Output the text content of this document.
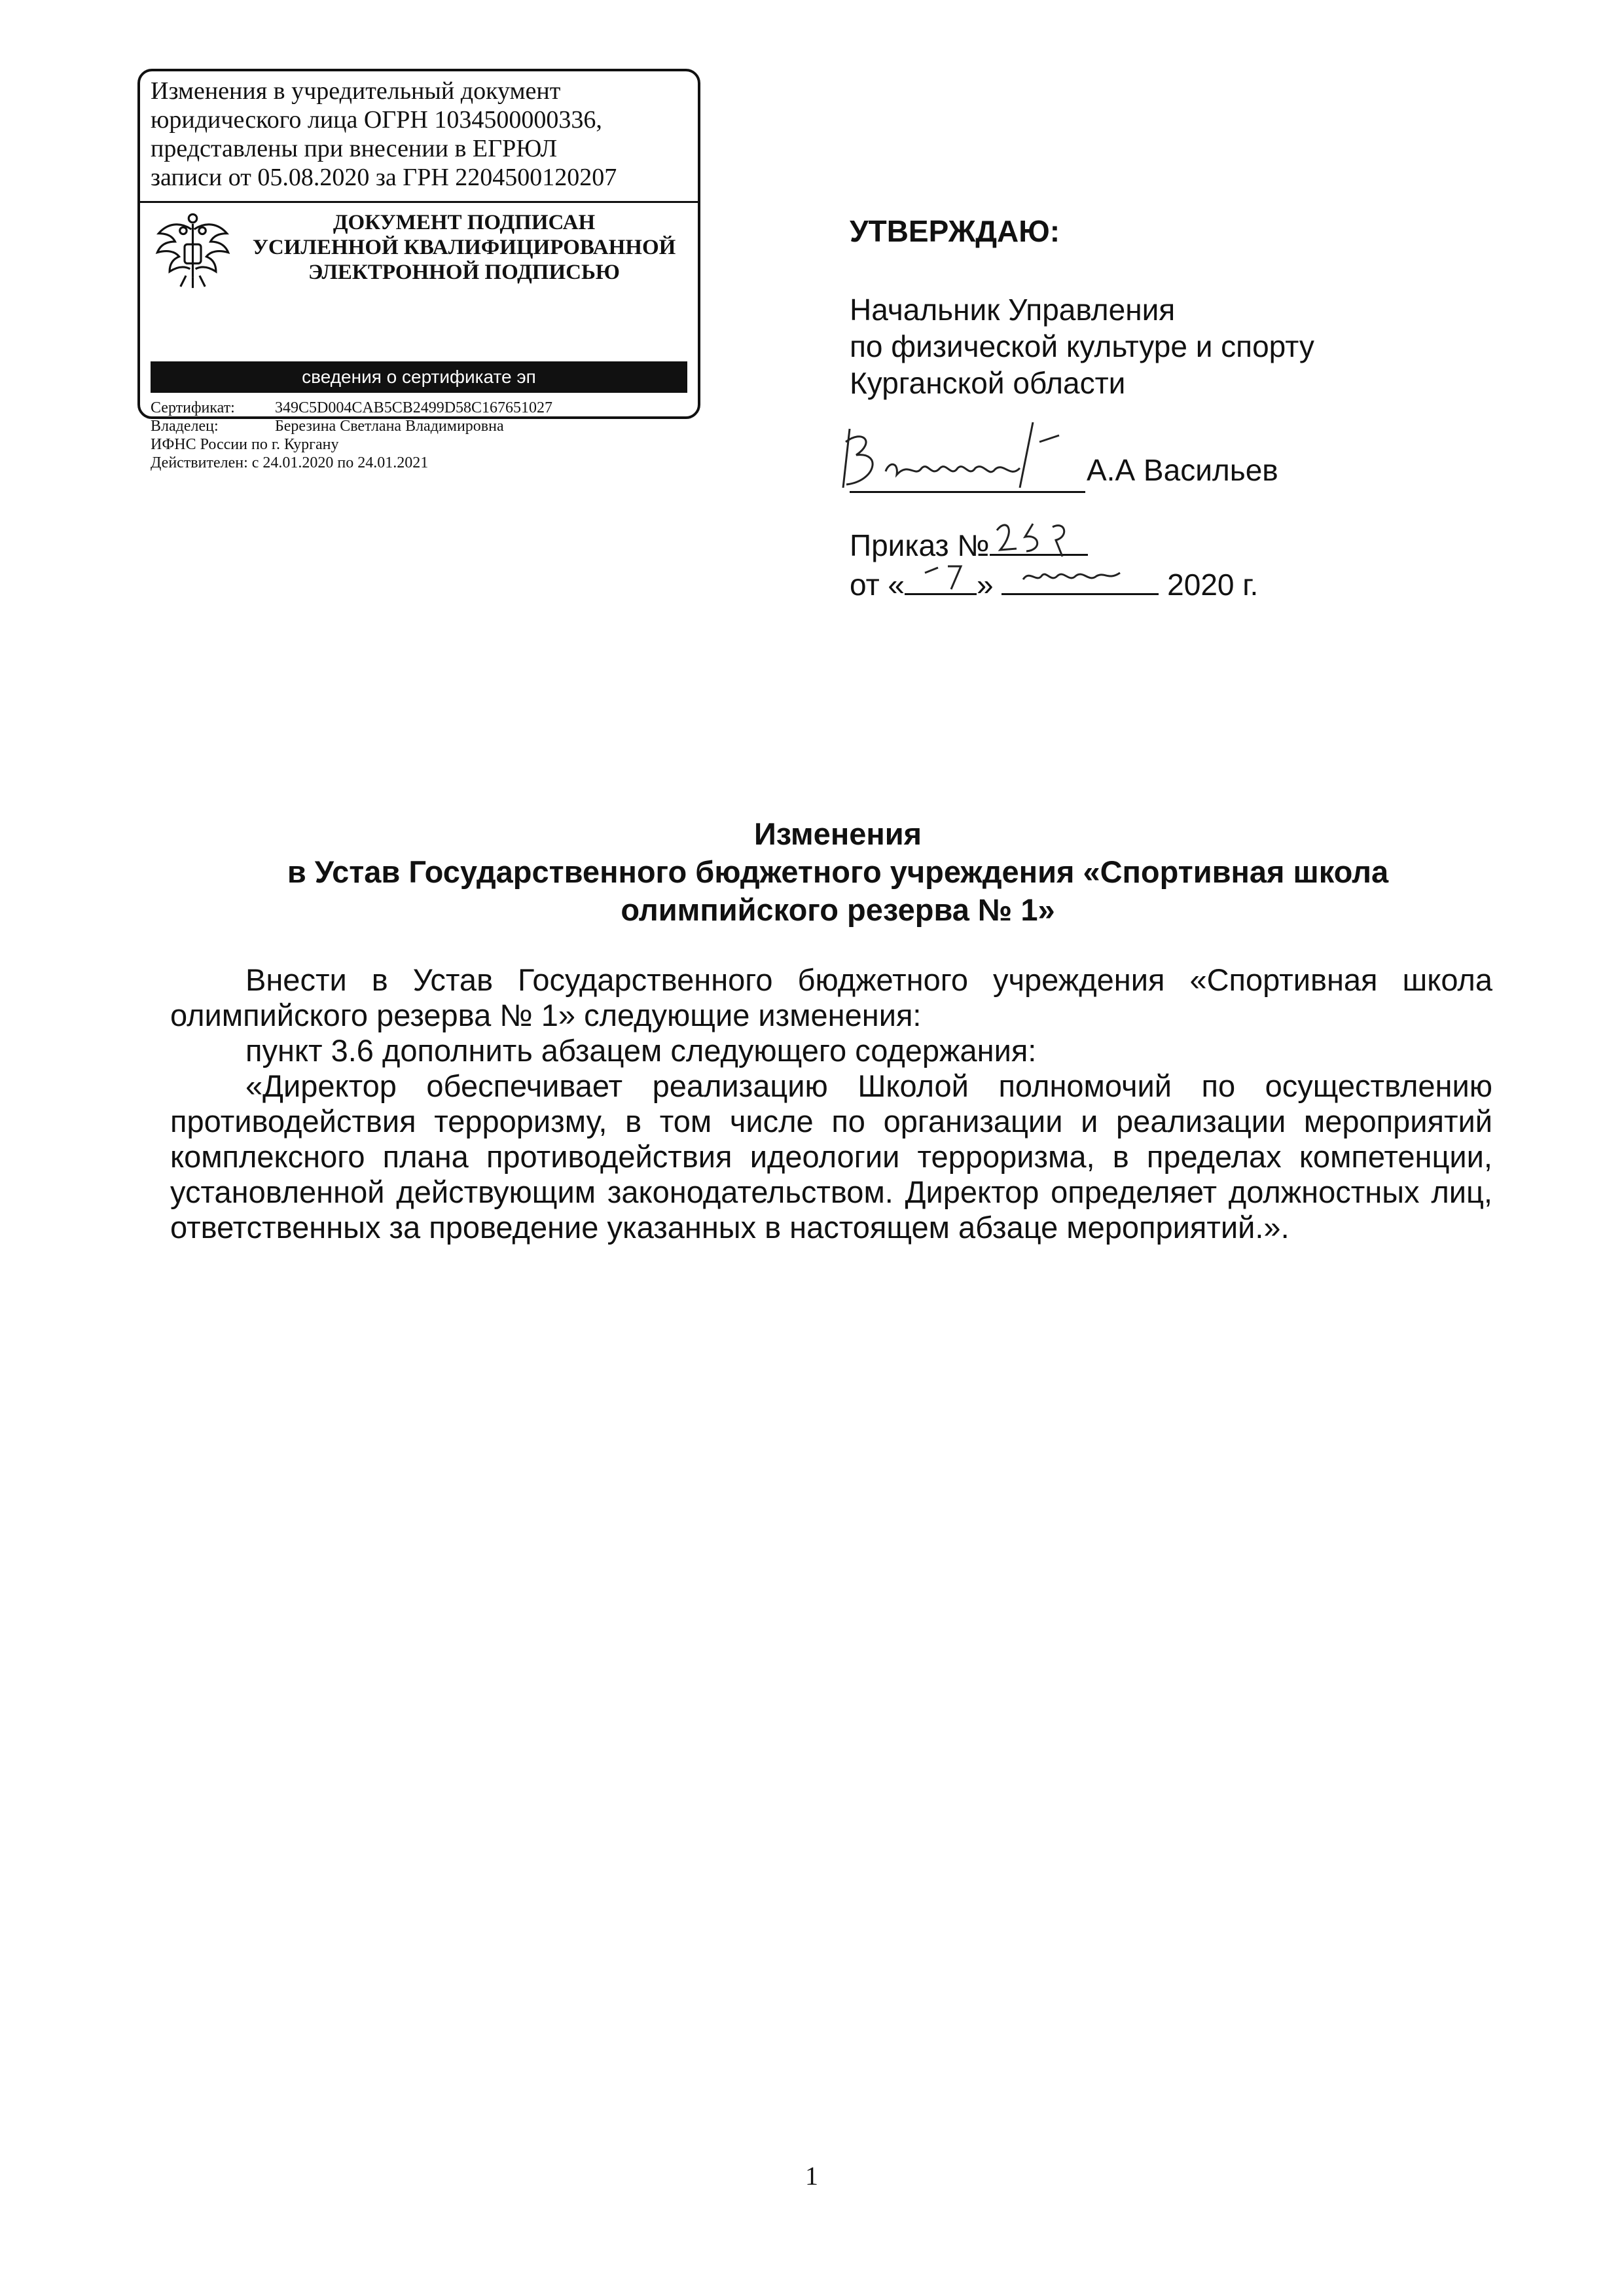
Изменения в учредительный документ
юридического лица ОГРН 1034500000336,
представлены при внесении в ЕГРЮЛ
записи от 05.08.2020 за ГРН 2204500120207
ДОКУМЕНТ ПОДПИСАН
УСИЛЕННОЙ КВАЛИФИЦИРОВАННОЙ
ЭЛЕКТРОННОЙ ПОДПИСЬЮ
сведения о сертификате эп
Сертификат:	349C5D004CAB5CB2499D58C167651027
Владелец:	Березина Светлана Владимировна
ИФНС России по г. Кургану
Действителен: с 24.01.2020 по 24.01.2021
УТВЕРЖДАЮ:
Начальник Управления
по физической культуре и спорту
Курганской области
А.А Васильев
Приказ №
от « »	2020 г.
Изменения
в Устав Государственного бюджетного учреждения «Спортивная школа
олимпийского резерва № 1»

Внести в Устав Государственного бюджетного учреждения «Спортивная школа олимпийского резерва № 1» следующие изменения:

пункт 3.6 дополнить абзацем следующего содержания:

«Директор обеспечивает реализацию Школой полномочий по осуществлению противодействия терроризму, в том числе по организации и реализации мероприятий комплексного плана противодействия идеологии терроризма, в пределах компетенции, установленной действующим законодательством. Директор определяет должностных лиц, ответственных за проведение указанных в настоящем абзаце мероприятий.».

1
